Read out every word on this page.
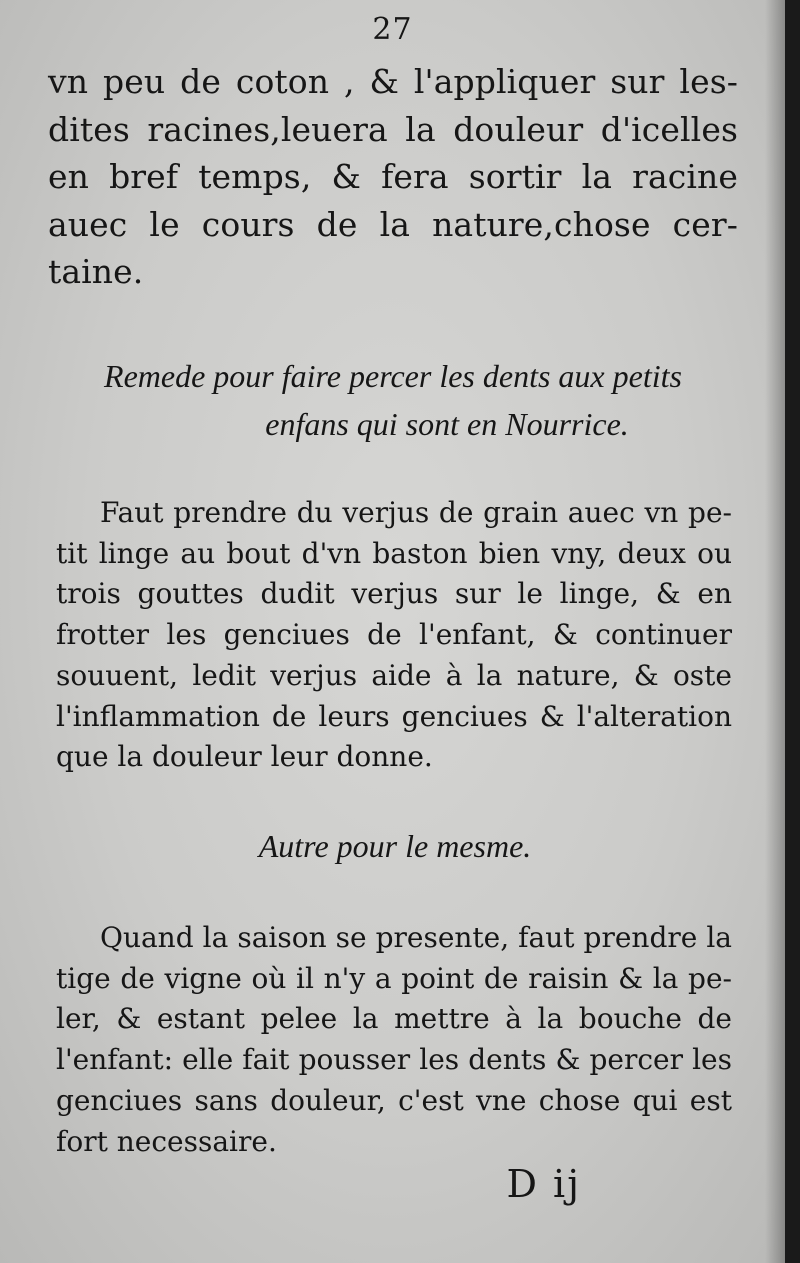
27
vn peu de coton , & l'appliquer sur les-
dites racines,leuera la douleur d'icelles
en bref temps, & fera sortir la racine
auec le cours de la nature,chose cer-
taine.
Remede pour faire percer les dents aux petits
enfans qui sont en Nourrice.
Faut prendre du verjus de grain auec vn pe-
tit linge au bout d'vn baston bien vny, deux ou
trois gouttes dudit verjus sur le linge, & en
frotter les genciues de l'enfant, & continuer
souuent, ledit verjus aide à la nature, & oste
l'inflammation de leurs genciues & l'alteration
que la douleur leur donne.
Autre pour le mesme.
Quand la saison se presente, faut prendre la
tige de vigne où il n'y a point de raisin & la pe-
ler, & estant pelee la mettre à la bouche de
l'enfant: elle fait pousser les dents & percer les
genciues sans douleur, c'est vne chose qui est
fort necessaire.
D ij
